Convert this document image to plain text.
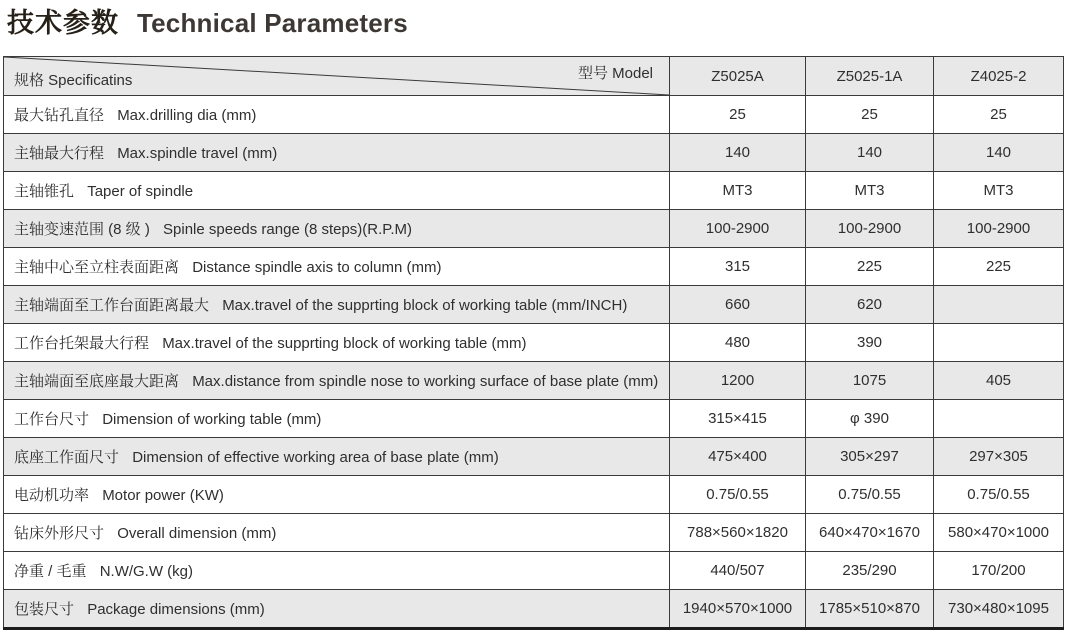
技术参数 Technical Parameters
规格 Specificatins 型号 Model	Z5025A	Z5025-1A	Z4025-2
最大钻孔直径 Max.drilling dia (mm)	25	25	25
主轴最大行程 Max.spindle travel (mm)	140	140	140
主轴锥孔 Taper of spindle	MT3	MT3	MT3
主轴变速范围 (8 级 ) Spinle speeds range (8 steps)(R.P.M)	100-2900	100-2900	100-2900
主轴中心至立柱表面距离 Distance spindle axis to column (mm)	315	225	225
主轴端面至工作台面距离最大 Max.travel of the supprting block of working table (mm/INCH)	660	620	
工作台托架最大行程 Max.travel of the supprting block of working table (mm)	480	390	
主轴端面至底座最大距离 Max.distance from spindle nose to working surface of base plate (mm)	1200	1075	405
工作台尺寸 Dimension of working table (mm)	315×415	φ 390	
底座工作面尺寸 Dimension of effective working area of base plate (mm)	475×400	305×297	297×305
电动机功率 Motor power (KW)	0.75/0.55	0.75/0.55	0.75/0.55
钻床外形尺寸 Overall dimension (mm)	788×560×1820	640×470×1670	580×470×1000
净重 / 毛重 N.W/G.W (kg)	440/507	235/290	170/200
包装尺寸 Package dimensions (mm)	1940×570×1000	1785×510×870	730×480×1095
